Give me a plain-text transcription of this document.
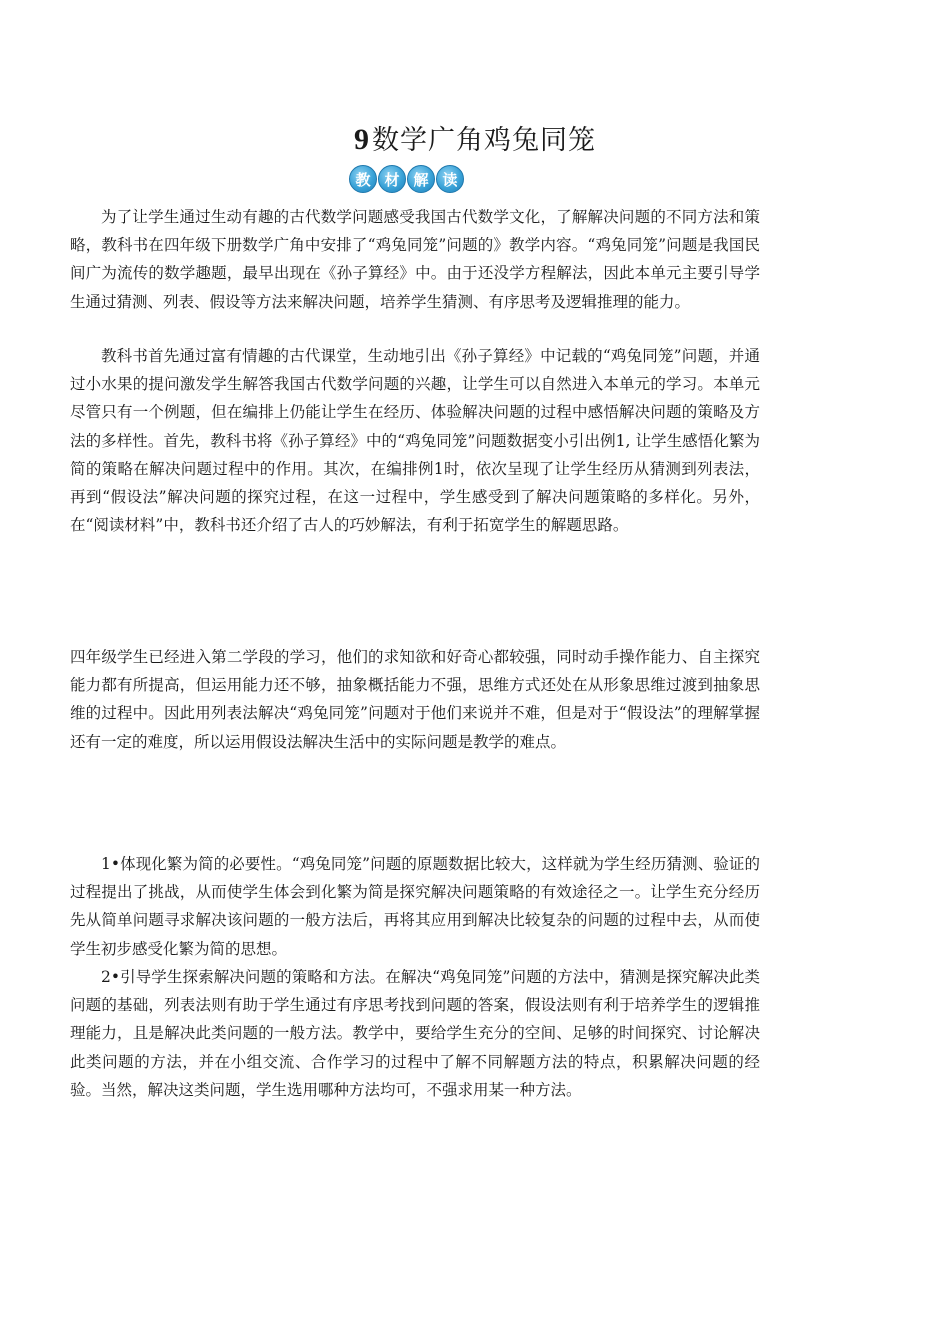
9数学广角鸡兔同笼
教 材 解 读

为了让学生通过生动有趣的古代数学问题感受我国古代数学文化，了解解决问题的不同方法和策略，教科书在四年级下册数学广角中安排了“鸡兔同笼”问题的》教学内容。“鸡兔同笼”问题是我国民间广为流传的数学趣题，最早出现在《孙子算经》中。由于还没学方程解法，因此本单元主要引导学生通过猜测、列表、假设等方法来解决问题，培养学生猜测、有序思考及逻辑推理的能力。

教科书首先通过富有情趣的古代课堂，生动地引出《孙子算经》中记载的“鸡兔同笼”问题，并通过小水果的提问激发学生解答我国古代数学问题的兴趣，让学生可以自然进入本单元的学习。本单元尽管只有一个例题，但在编排上仍能让学生在经历、体验解决问题的过程中感悟解决问题的策略及方法的多样性。首先，教科书将《孙子算经》中的“鸡兔同笼”问题数据变小引出例1, 让学生感悟化繁为简的策略在解决问题过程中的作用。其次，在编排例1时，依次呈现了让学生经历从猜测到列表法，再到“假设法”解决问题的探究过程，在这一过程中，学生感受到了解决问题策略的多样化。另外，在“阅读材料”中，教科书还介绍了古人的巧妙解法，有利于拓宽学生的解题思路。

四年级学生已经进入第二学段的学习，他们的求知欲和好奇心都较强，同时动手操作能力、自主探究能力都有所提高，但运用能力还不够，抽象概括能力不强，思维方式还处在从形象思维过渡到抽象思维的过程中。因此用列表法解决“鸡兔同笼”问题对于他们来说并不难，但是对于“假设法”的理解掌握还有一定的难度，所以运用假设法解决生活中的实际问题是教学的难点。

1•体现化繁为简的必要性。“鸡兔同笼”问题的原题数据比较大，这样就为学生经历猜测、验证的过程提出了挑战，从而使学生体会到化繁为简是探究解决问题策略的有效途径之一。让学生充分经历先从简单问题寻求解决该问题的一般方法后，再将其应用到解决比较复杂的问题的过程中去，从而使学生初步感受化繁为简的思想。

2•引导学生探索解决问题的策略和方法。在解决“鸡兔同笼”问题的方法中，猜测是探究解决此类问题的基础，列表法则有助于学生通过有序思考找到问题的答案，假设法则有利于培养学生的逻辑推理能力，且是解决此类问题的一般方法。教学中，要给学生充分的空间、足够的时间探究、讨论解决此类问题的方法，并在小组交流、合作学习的过程中了解不同解题方法的特点，积累解决问题的经验。当然，解决这类问题，学生选用哪种方法均可，不强求用某一种方法。
